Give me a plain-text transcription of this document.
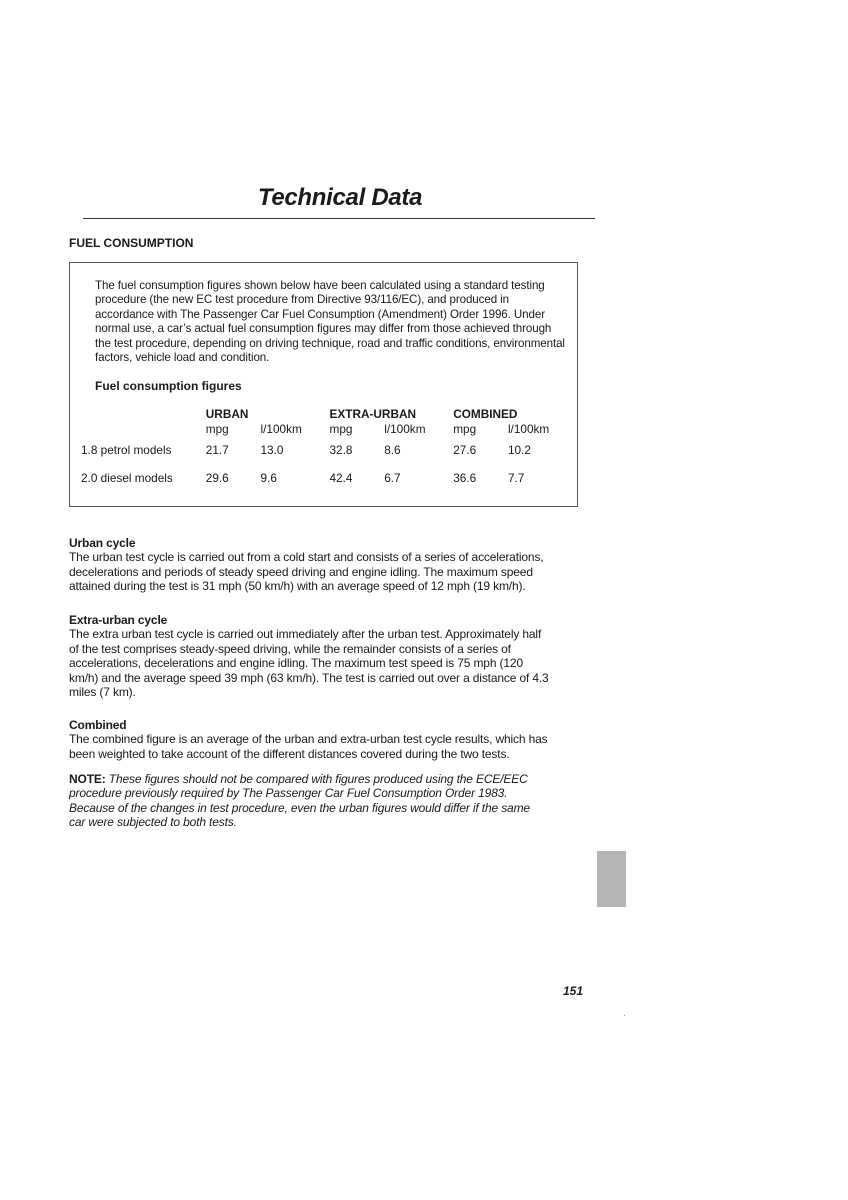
Technical Data
FUEL CONSUMPTION

The fuel consumption figures shown below have been calculated using a standard testing procedure (the new EC test procedure from Directive 93/116/EC), and produced in accordance with The Passenger Car Fuel Consumption (Amendment) Order 1996. Under normal use, a car’s actual fuel consumption figures may differ from those achieved through the test procedure, depending on driving technique, road and traffic conditions, environmental factors, vehicle load and condition.

Fuel consumption figures
	URBAN		EXTRA-URBAN		COMBINED	
	mpg	l/100km	mpg	l/100km	mpg	l/100km
1.8 petrol models	21.7	13.0	32.8	8.6	27.6	10.2
2.0 diesel models	29.6	9.6	42.4	6.7	36.6	7.7
Urban cycle

The urban test cycle is carried out from a cold start and consists of a series of accelerations, decelerations and periods of steady speed driving and engine idling. The maximum speed attained during the test is 31 mph (50 km/h) with an average speed of 12 mph (19 km/h).

Extra-urban cycle

The extra urban test cycle is carried out immediately after the urban test. Approximately half of the test comprises steady-speed driving, while the remainder consists of a series of accelerations, decelerations and engine idling. The maximum test speed is 75 mph (120 km/h) and the average speed 39 mph (63 km/h). The test is carried out over a distance of 4.3 miles (7 km).

Combined

The combined figure is an average of the urban and extra-urban test cycle results, which has been weighted to take account of the different distances covered during the two tests.

NOTE: These figures should not be compared with figures produced using the ECE/EEC procedure previously required by The Passenger Car Fuel Consumption Order 1983. Because of the changes in test procedure, even the urban figures would differ if the same car were subjected to both tests.

151
